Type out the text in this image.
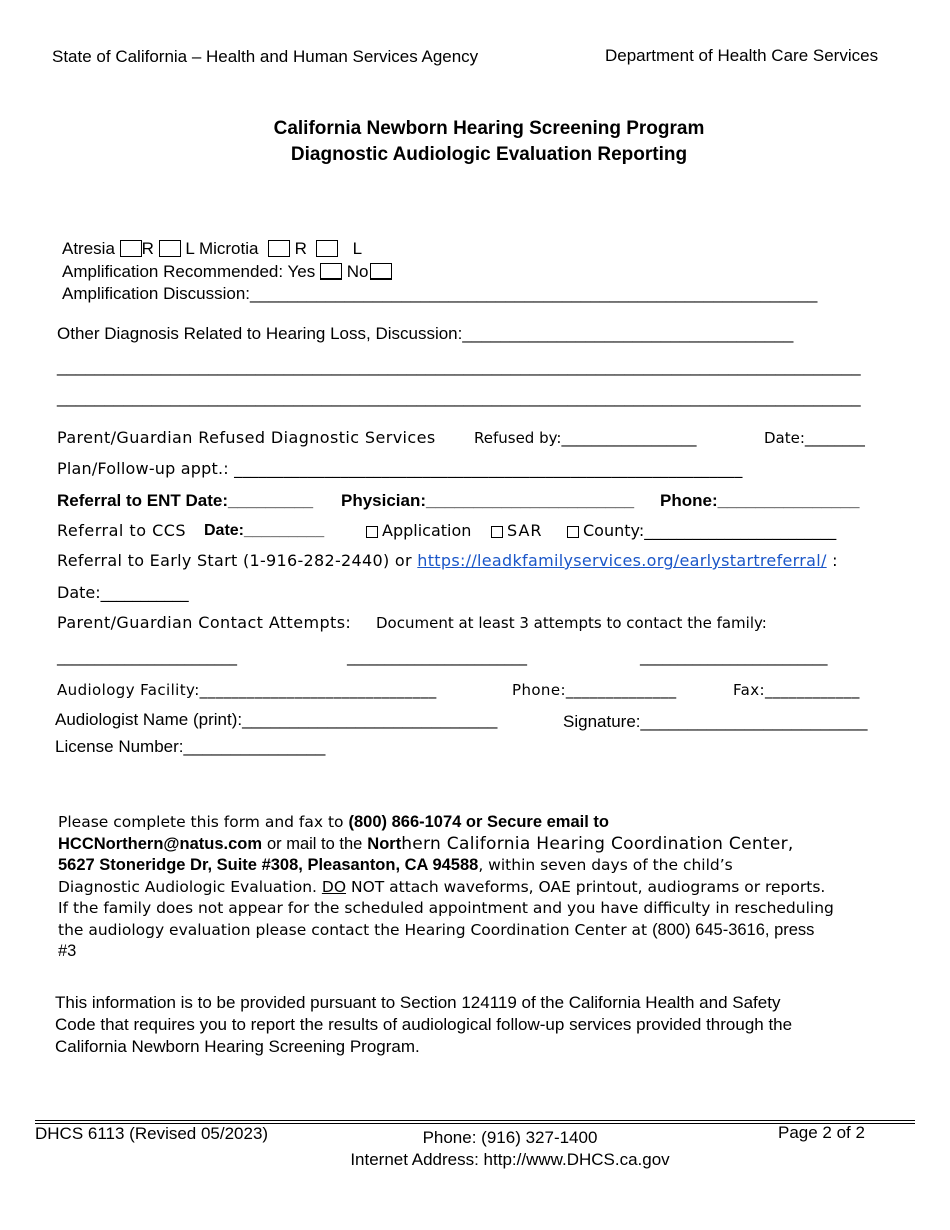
State of California – Health and Human Services Agency	Department of Health Care Services
California Newborn Hearing Screening Program
Diagnostic Audiologic Evaluation Reporting
Atresia R L Microtia R	L
Amplification Recommended: Yes No
Amplification Discussion:____________________________________________________________
Other Diagnosis Related to Hearing Loss, Discussion:___________________________________
_____________________________________________________________________________________
_____________________________________________________________________________________
Parent/Guardian Refused Diagnostic Services	Refused by:__________________	Date:________
Plan/Follow-up appt.: ______________________________________________________________
Referral to ENT Date:_________ Physician:______________________ Phone:_______________
Referral to CCS Date:_________	Application	SAR	County:________________________
Referral to Early Start (1-916-282-2440) or https://leadkfamilyservices.org/earlystartreferral/ :
Date:___________
Parent/Guardian Contact Attempts: Document at least 3 attempts to contact the family:
________________________	________________________	_________________________
Audiology Facility:______________________________	Phone:______________	Fax:____________
Audiologist Name (print):___________________________	Signature:________________________
License Number:_______________
Please complete this form and fax to (800) 866-1074 or Secure email to
HCCNorthern@natus.com or mail to the Northern California Hearing Coordination Center,
5627 Stoneridge Dr, Suite #308, Pleasanton, CA 94588, within seven days of the child’s
Diagnostic Audiologic Evaluation. DO NOT attach waveforms, OAE printout, audiograms or reports.
If the family does not appear for the scheduled appointment and you have difficulty in rescheduling
the audiology evaluation please contact the Hearing Coordination Center at (800) 645-3616, press
#3
This information is to be provided pursuant to Section 124119 of the California Health and Safety
Code that requires you to report the results of audiological follow-up services provided through the
California Newborn Hearing Screening Program.
DHCS 6113 (Revised 05/2023)	Phone: (916) 327-1400
Internet Address: http://www.DHCS.ca.gov
Page 2 of 2
